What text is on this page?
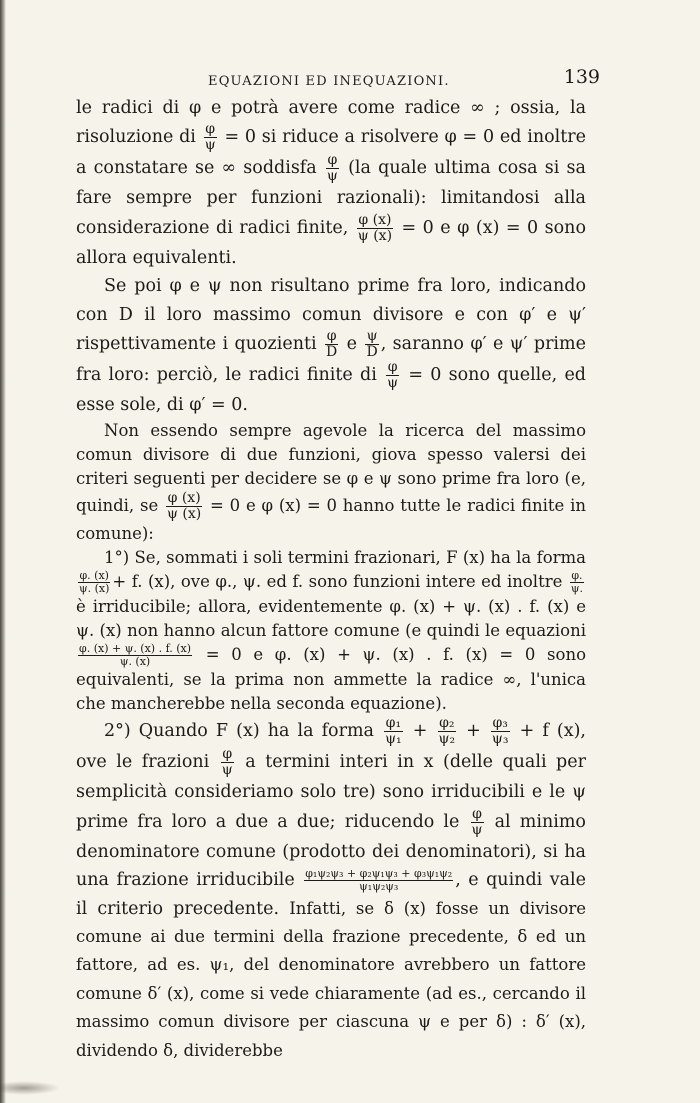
EQUAZIONI ED INEQUAZIONI.	139

le radici di φ e potrà avere come radice ∞ ; ossia, la risoluzione di $\frac{\varphi}{\psi} = 0$ si riduce a risolvere φ = 0 ed inoltre a constatare se ∞ soddisfa $\frac{\varphi}{\psi} (la$ quale ultima cosa si sa fare sempre per funzioni razionali): limitandosi alla considerazione di radici finite, $\frac{\varphi (x)}{\psi (x)} = 0$ e φ (x) = 0 sono allora equivalenti.

Se poi φ e ψ non risultano prime fra loro, indicando con D il loro massimo comun divisore e con φ′ e ψ′ rispettivamente i quozienti $\frac{\varphi}{D}$ e $\frac{\psi}{D}$ , saranno φ′ e ψ′ prime fra loro: perciò, le radici finite di $\frac{\varphi}{\psi} = 0$ sono quelle, ed esse sole, di φ′ = 0.

Non essendo sempre agevole la ricerca del massimo comun divisore di due funzioni, giova spesso valersi dei criteri seguenti per decidere se φ e ψ sono prime fra loro (e, quindi, se $\frac{\varphi (x)}{\psi (x)} = 0$ e φ (x) = 0 hanno tutte le radici finite in comune):

1°) Se, sommati i soli termini frazionari, F (x) ha la forma
$\frac{\varphi. (x)}{\psi. (x)} + f$. (x), ove φ., ψ. ed f. sono funzioni intere ed inoltre $\frac{\varphi.}{\psi.}$
è irriducibile; allora, evidentemente φ. (x) + ψ. (x) . f. (x) e ψ. (x) non hanno alcun fattore comune (e quindi le equazioni
$\frac{\varphi. (x) + \psi. (x) . f. (x)}{\psi. (x)} = 0$ e φ. (x) + ψ. (x) . f. (x) = 0 sono equivalenti, se la prima non ammette la radice ∞, l'unica che mancherebbe nella seconda equazione).

2°) Quando F (x) ha la forma $\frac{\text{φ₁}}{\text{ψ₁}} + \frac{\text{φ₂}}{\text{ψ₂}} + \frac{\text{φ₃}}{\text{ψ₃}} + f$ (x), ove le frazioni $\frac{\varphi}{\psi}$ a termini interi in x (delle quali per semplicità consideriamo solo tre) sono irriducibili e le ψ prime fra loro a due a due; riducendo le $\frac{\varphi}{\psi}$ al minimo denominatore comune (prodotto dei denominatori), si ha una frazione irriducibile $\frac{\text{φ₁ψ₂ψ₃ + φ₂ψ₁ψ₃ + φ₃ψ₁ψ₂}}{\text{ψ₁ψ₂ψ₃}}$ , e quindi vale il criterio precedente. Infatti, se δ (x) fosse un divisore comune ai due termini della frazione precedente, δ ed un fattore, ad es. ψ₁, del denominatore avrebbero un fattore comune δ′ (x), come si vede chiaramente (ad es., cercando il massimo comun divisore per ciascuna ψ e per δ) : δ′ (x), dividendo δ, dividerebbe
